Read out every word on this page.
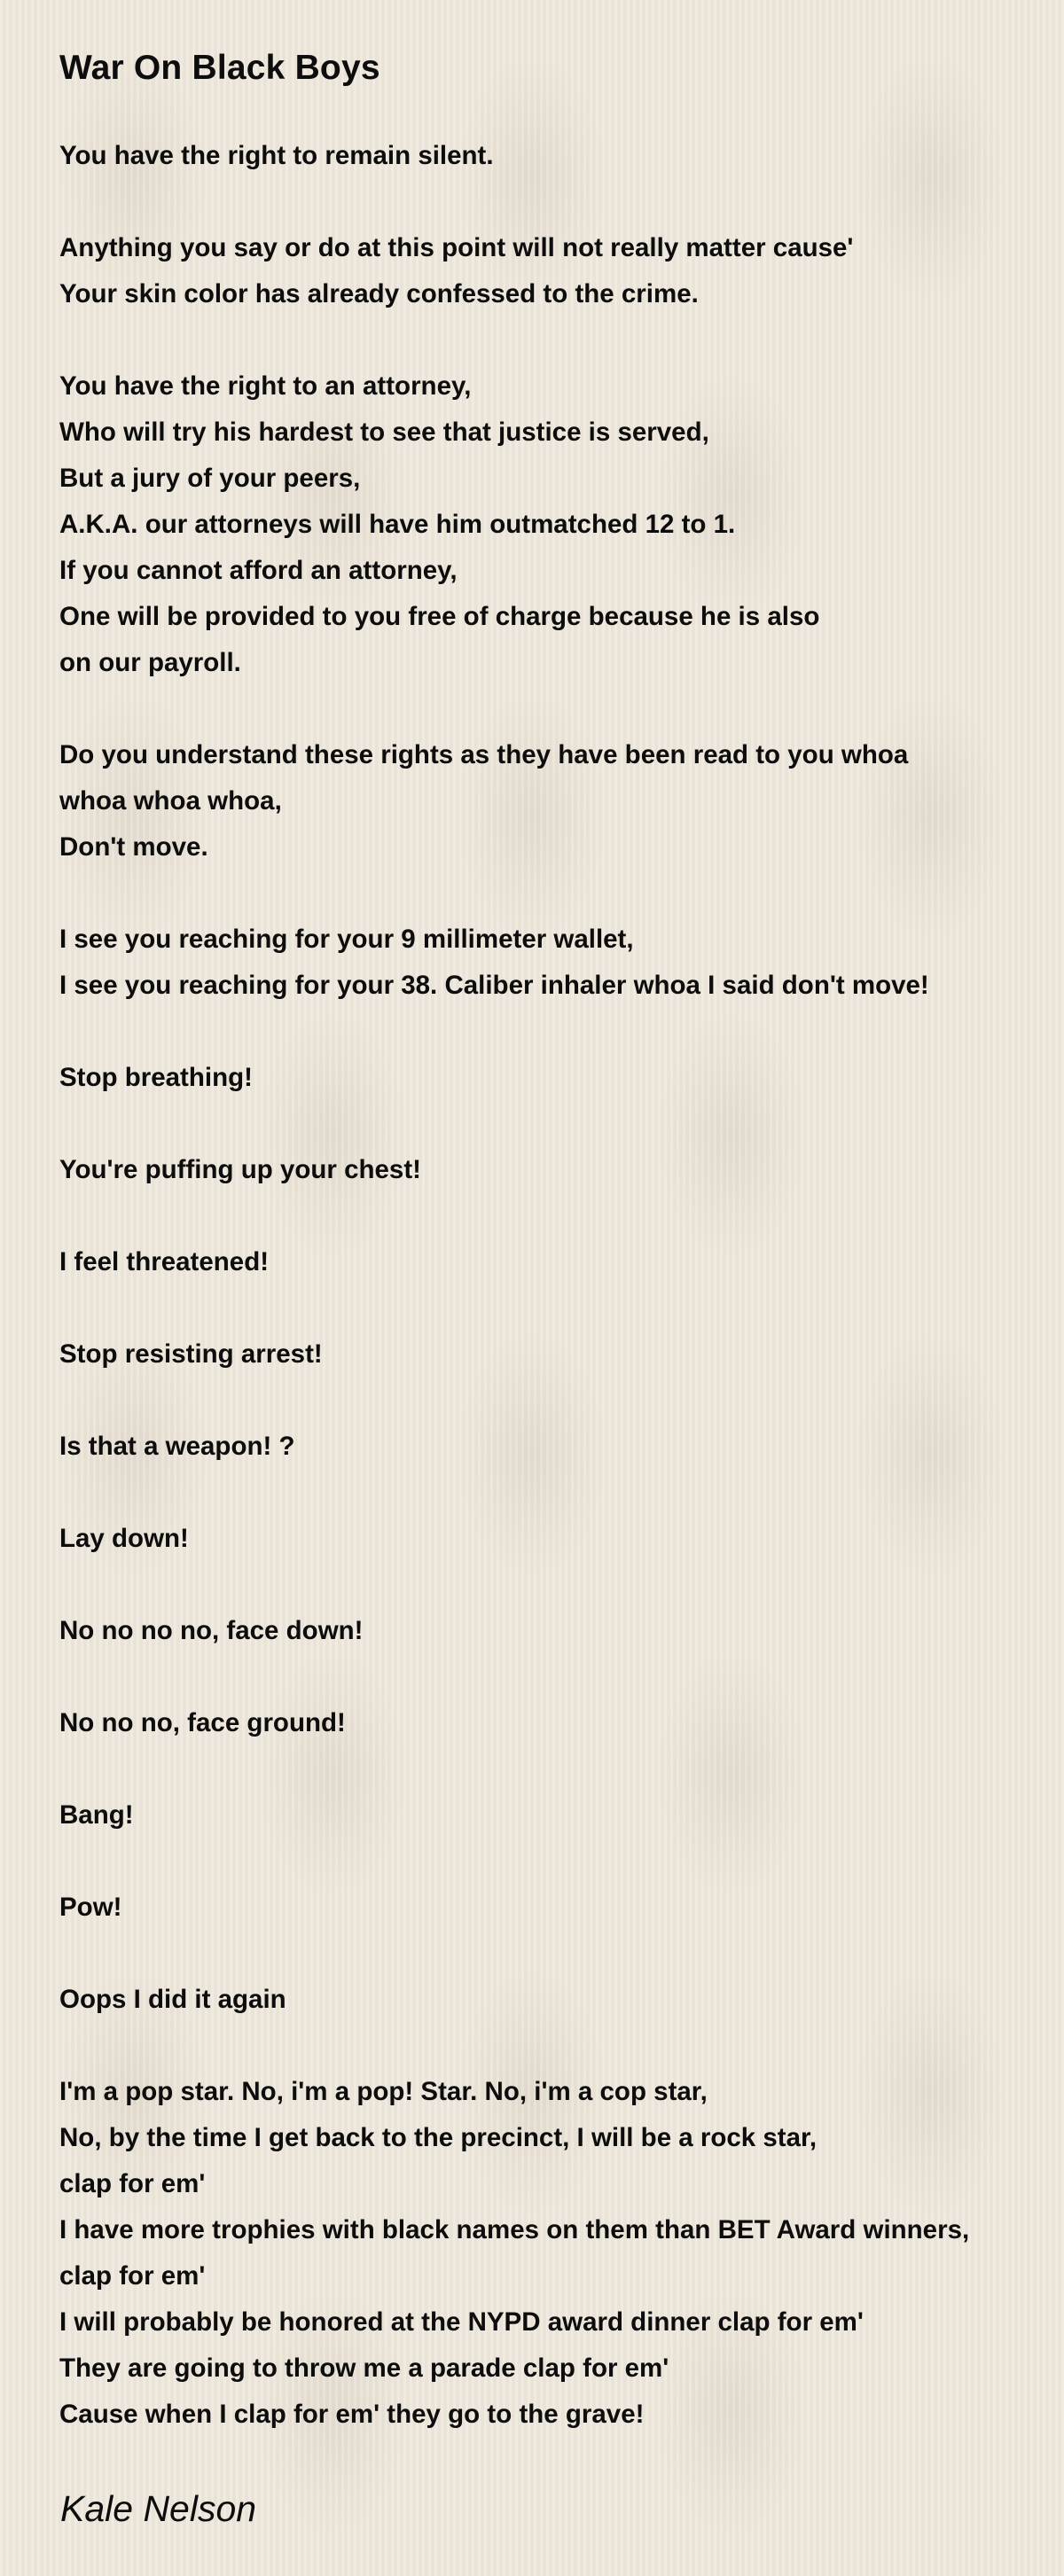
War On Black Boys

You have the right to remain silent.

Anything you say or do at this point will not really matter cause'
Your skin color has already confessed to the crime.

You have the right to an attorney,
Who will try his hardest to see that justice is served,
But a jury of your peers,
A.K.A. our attorneys will have him outmatched 12 to 1.
If you cannot afford an attorney,
One will be provided to you free of charge because he is also
on our payroll.

Do you understand these rights as they have been read to you whoa
whoa whoa whoa,
Don't move.

I see you reaching for your 9 millimeter wallet,
I see you reaching for your 38. Caliber inhaler whoa I said don't move!

Stop breathing!

You're puffing up your chest!

I feel threatened!

Stop resisting arrest!

Is that a weapon! ?

Lay down!

No no no no, face down!

No no no, face ground!

Bang!

Pow!

Oops I did it again

I'm a pop star. No, i'm a pop! Star. No, i'm a cop star,
No, by the time I get back to the precinct, I will be a rock star,
clap for em'
I have more trophies with black names on them than BET Award winners,
clap for em'
I will probably be honored at the NYPD award dinner clap for em'
They are going to throw me a parade clap for em'
Cause when I clap for em' they go to the grave!

Kale Nelson
